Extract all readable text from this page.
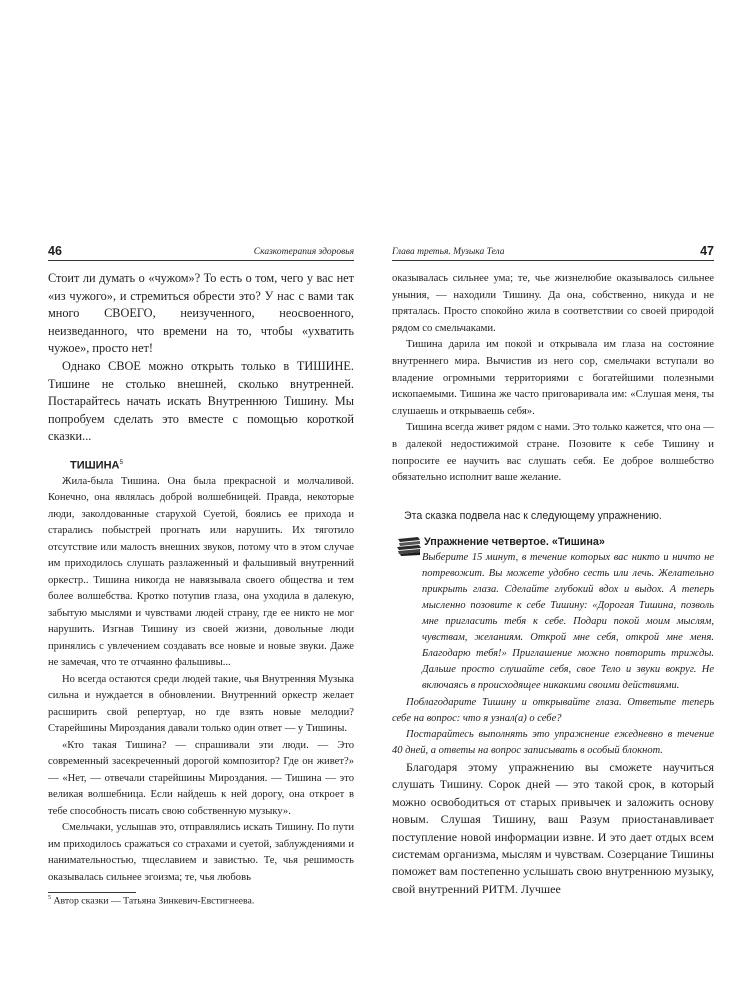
46	Сказкотерапия здоровья

Стоит ли думать о «чужом»? То есть о том, чего у вас нет «из чужого», и стремиться обрести это? У нас с вами так много СВОЕГО, неизученного, неосвоенного, неизведанного, что времени на то, чтобы «ухватить чужое», просто нет!

Однако СВОЕ можно открыть только в ТИШИНЕ. Тишине не столько внешней, сколько внутренней. Постарайтесь начать искать Внутреннюю Тишину. Мы попробуем сделать это вместе с помощью короткой сказки...

ТИШИНА$^5$

Жила-была Тишина. Она была прекрасной и молчаливой. Конечно, она являлась доброй волшебницей. Правда, некоторые люди, заколдованные старухой Суетой, боялись ее прихода и старались побыстрей прогнать или нарушить. Их тяготило отсутствие или малость внешних звуков, потому что в этом случае им приходилось слушать разлаженный и фальшивый внутренний оркестр.. Тишина никогда не навязывала своего общества и тем более волшебства. Кротко потупив глаза, она уходила в далекую, забытую мыслями и чувствами людей страну, где ее никто не мог нарушить. Изгнав Тишину из своей жизни, довольные люди принялись с увлечением создавать все новые и новые звуки. Даже не замечая, что те отчаянно фальшивы...

Но всегда остаются среди людей такие, чья Внутренняя Музыка сильна и нуждается в обновлении. Внутренний оркестр желает расширить свой репертуар, но где взять новые мелодии? Старейшины Мироздания давали только один ответ — у Тишины.

«Кто такая Тишина? — спрашивали эти люди. — Это современный засекреченный дорогой композитор? Где он живет?» — «Нет, — отвечали старейшины Мироздания. — Тишина — это великая волшебница. Если найдешь к ней дорогу, она откроет в тебе способность писать свою собственную музыку».

Смельчаки, услышав это, отправлялись искать Тишину. По пути им приходилось сражаться со страхами и суетой, заблуждениями и нанимательностью, тщеславием и завистью. Те, чья решимость оказывалась сильнее эгоизма; те, чья любовь

$^5$ Автор сказки — Татьяна Зинкевич-Евстигнеева.

Глава третья. Музыка Тела	47

оказывалась сильнее ума; те, чье жизнелюбие оказывалось сильнее уныния, — находили Тишину. Да она, собственно, никуда и не пряталась. Просто спокойно жила в соответствии со своей природой рядом со смельчаками.

Тишина дарила им покой и открывала им глаза на состояние внутреннего мира. Вычистив из него сор, смельчаки вступали во владение огромными территориями с богатейшими полезными ископаемыми. Тишина же часто приговаривала им: «Слушая меня, ты слушаешь и открываешь себя».

Тишина всегда живет рядом с нами. Это только кажется, что она — в далекой недостижимой стране. Позовите к себе Тишину и попросите ее научить вас слушать себя. Ее доброе волшебство обязательно исполнит ваше желание.

Эта сказка подвела нас к следующему упражнению.

Упражнение четвертое. «Тишина»

Выберите 15 минут, в течение которых вас никто и ничто не потревожит. Вы можете удобно сесть или лечь. Желательно прикрыть глаза. Сделайте глубокий вдох и выдох. А теперь мысленно позовите к себе Тишину: «Дорогая Тишина, позволь мне пригласить тебя к себе. Подари покой моим мыслям, чувствам, желаниям. Открой мне себя, открой мне меня. Благодарю тебя!» Приглашение можно повторить трижды. Дальше просто слушайте себя, свое Тело и звуки вокруг. Не включаясь в происходящее никакими своими действиями.

Поблагодарите Тишину и открывайте глаза. Ответьте теперь себе на вопрос: что я узнал(а) о себе?

Постарайтесь выполнять это упражнение ежедневно в течение 40 дней, а ответы на вопрос записывать в особый блокнот.

Благодаря этому упражнению вы сможете научиться слушать Тишину. Сорок дней — это такой срок, в который можно освободиться от старых привычек и заложить основу новым. Слушая Тишину, ваш Разум приостанавливает поступление новой информации извне. И это дает отдых всем системам организма, мыслям и чувствам. Созерцание Тишины поможет вам постепенно услышать свою внутреннюю музыку, свой внутренний РИТМ. Лучшее
